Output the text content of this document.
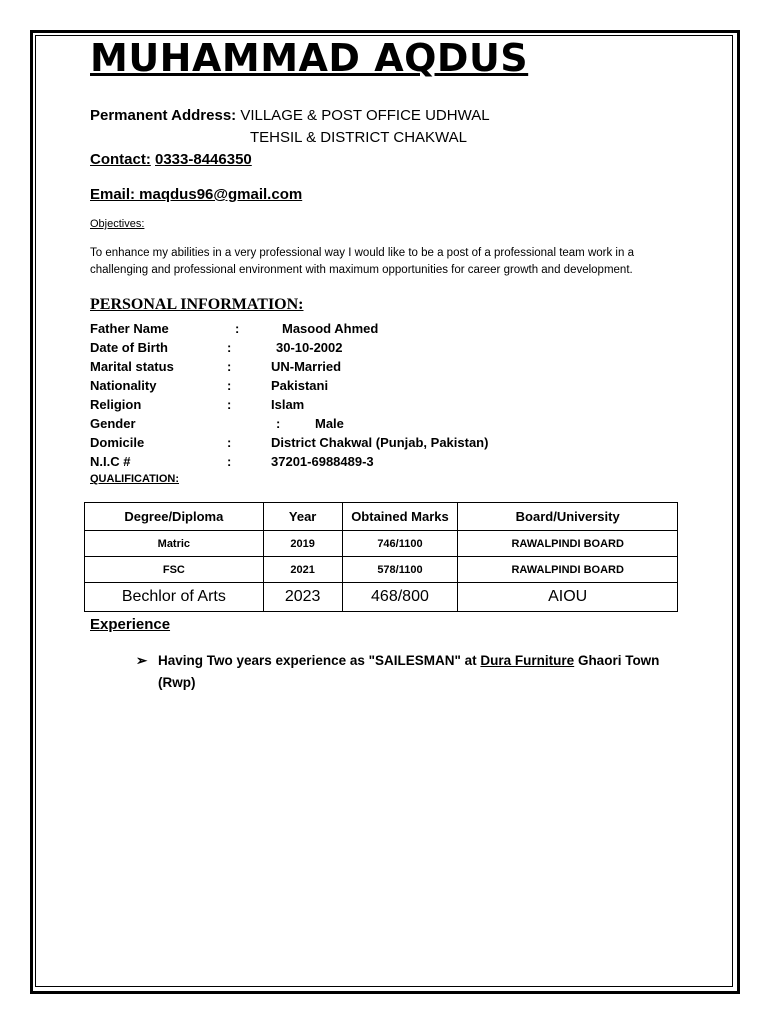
MUHAMMAD AQDUS
Permanent Address: VILLAGE & POST OFFICE UDHWAL
TEHSIL & DISTRICT CHAKWAL
Contact: 0333-8446350
Email: maqdus96@gmail.com
Objectives:
To enhance my abilities in a very professional way I would like to be a post of a professional team work in a challenging and professional environment with maximum opportunities for career growth and development.
PERSONAL INFORMATION:
Father Name	:	Masood Ahmed
Date of Birth	:	30-10-2002
Marital status	:	UN-Married
Nationality	:	Pakistani
Religion	:	Islam
Gender	:	Male
Domicile	:	District Chakwal (Punjab, Pakistan)
N.I.C #	:	37201-6988489-3
QUALIFICATION:
Degree/Diploma	Year	Obtained Marks	Board/University
Matric	2019	746/1100	RAWALPINDI BOARD
FSC	2021	578/1100	RAWALPINDI BOARD
Bechlor of Arts	2023	468/800	AIOU
Experience
➢ Having Two years experience as "SAILESMAN" at Dura Furniture Ghaori Town (Rwp)
